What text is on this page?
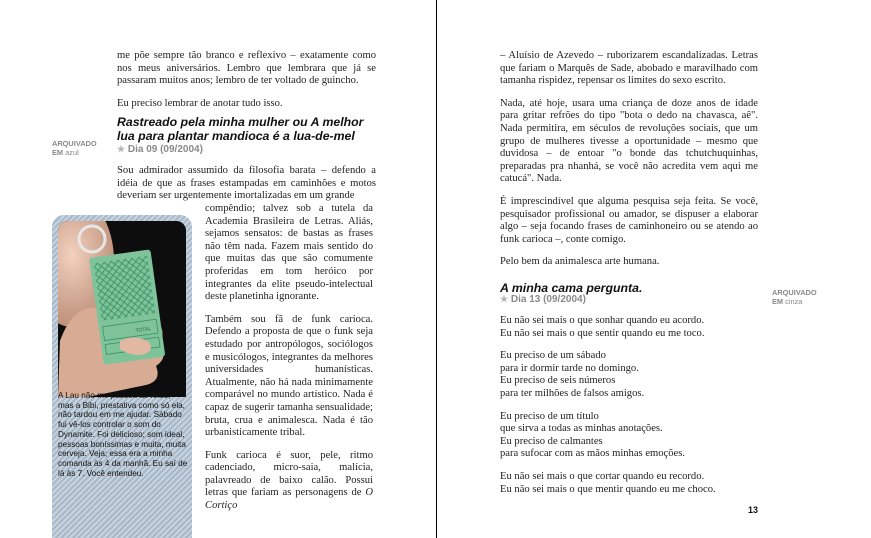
me põe sempre tão branco e reflexivo – exatamente como nos meus aniversários. Lembro que lembrara que já se passaram muitos anos; lembro de ter voltado de guincho.

Eu preciso lembrar de anotar tudo isso.

ARQUIVADO
EM azul
Rastreado pela minha mulher ou A melhor
lua para plantar mandioca é a lua-de-mel
★ Dia 09 (09/2004)

Sou admirador assumido da filosofia barata – defendo a idéia de que as frases estampadas em caminhões e motos deveriam ser urgentemente imortalizadas em um grande

compêndio; talvez sob a tutela da Academia Brasileira de Letras. Aliás, sejamos sensatos: de bastas as frases não têm nada. Fazem mais sentido do que muitas das que são comumente proferidas em tom heróico por integrantes da elite pseudo-intelectual deste planetinha ignorante.

Também sou fã de funk carioca. Defendo a proposta de que o funk seja estudado por antropólogos, sociólogos e musicólogos, integrantes da melhores universidades humanísticas. Atualmente, não há nada minimamente comparável no mundo artístico. Nada é capaz de sugerir tamanha sensualidade; bruta, crua e animalesca. Nada é tão urbanisticamente tribal.

Funk carioca é suor, pele, ritmo cadenciado, micro-saia, malícia, palavreado de baixo calão. Possui letras que fariam as personagens de O Cortiço

TOTAL
A Lau não me passou as fotos, mas a Bibi, prestativa como só ela, não tardou em me ajudar. Sábado fui vê-los controlar o som do Dynamite. Foi delicioso; som ideal, pessoas boníssimas e muita, muita cerveja. Veja; essa era a minha comanda às 4 da manhã. Eu saí de lá às 7. Você entendeu.

– Aluísio de Azevedo – ruborizarem escandalizadas. Letras que fariam o Marquês de Sade, abobado e maravilhado com tamanha rispidez, repensar os limites do sexo escrito.

Nada, até hoje, usara uma criança de doze anos de idade para gritar refrões do tipo "bota o dedo na chavasca, aê". Nada permitira, em séculos de revoluções sociais, que um grupo de mulheres tivesse a oportunidade – mesmo que duvidosa – de entoar "o bonde das tchutchuquinhas, preparadas pra nhanhá, se você não acredita vem aqui me catucá". Nada.

É imprescindível que alguma pesquisa seja feita. Se você, pesquisador profissional ou amador, se dispuser a elaborar algo – seja focando frases de caminhoneiro ou se atendo ao funk carioca –, conte comigo.

Pelo bem da animalesca arte humana.

A minha cama pergunta.
★ Dia 13 (09/2004)
ARQUIVADO
EM cinza

Eu não sei mais o que sonhar quando eu acordo.
Eu não sei mais o que sentir quando eu me toco.

Eu preciso de um sábado
para ir dormir tarde no domingo.
Eu preciso de seis números
para ter milhões de falsos amigos.

Eu preciso de um título
que sirva a todas as minhas anotações.
Eu preciso de calmantes
para sufocar com as mãos minhas emoções.

Eu não sei mais o que cortar quando eu recordo.
Eu não sei mais o que mentir quando eu me choco.

13
